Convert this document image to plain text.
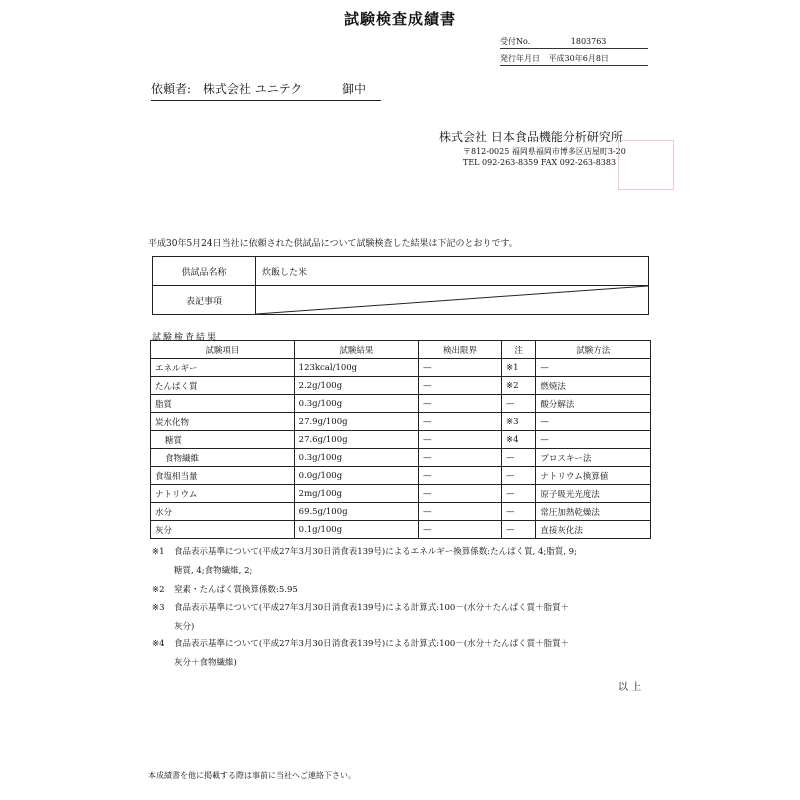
試験検査成績書
受付No.	1803763
発行年月日 平成30年6月8日
依頼者: 株式会社 ユニテク	御中
株式会社 日本食品機能分析研究所
〒812-0025 福岡県福岡市博多区店屋町3-20
TEL 092-263-8359 FAX 092-263-8383
平成30年5月24日当社に依頼された供試品について試験検査した結果は下記のとおりです。
供試品名称	炊飯した米
表記事項	
試験検査結果
試験項目	試験結果	検出限界	注	試験方法
エネルギー	123kcal/100g	—	※1	—
たんぱく質	2.2g/100g	—	※2	燃焼法
脂質	0.3g/100g	—	—	酸分解法
炭水化物	27.9g/100g	—	※3	—
糖質	27.6g/100g	—	※4	—
食物繊維	0.3g/100g	—	—	プロスキー法
食塩相当量	0.0g/100g	—	—	ナトリウム換算値
ナトリウム	2mg/100g	—	—	原子吸光光度法
水分	69.5g/100g	—	—	常圧加熱乾燥法
灰分	0.1g/100g	—	—	直接灰化法
※1 食品表示基準について(平成27年3月30日消食表139号)によるエネルギー換算係数:たんぱく質, 4;脂質, 9;
糖質, 4;食物繊維, 2;
※2 窒素・たんぱく質換算係数:5.95
※3 食品表示基準について(平成27年3月30日消食表139号)による計算式:100－(水分＋たんぱく質＋脂質＋
灰分)
※4 食品表示基準について(平成27年3月30日消食表139号)による計算式:100－(水分＋たんぱく質＋脂質＋
灰分＋食物繊維)
以 上
本成績書を他に掲載する際は事前に当社へご連絡下さい。
